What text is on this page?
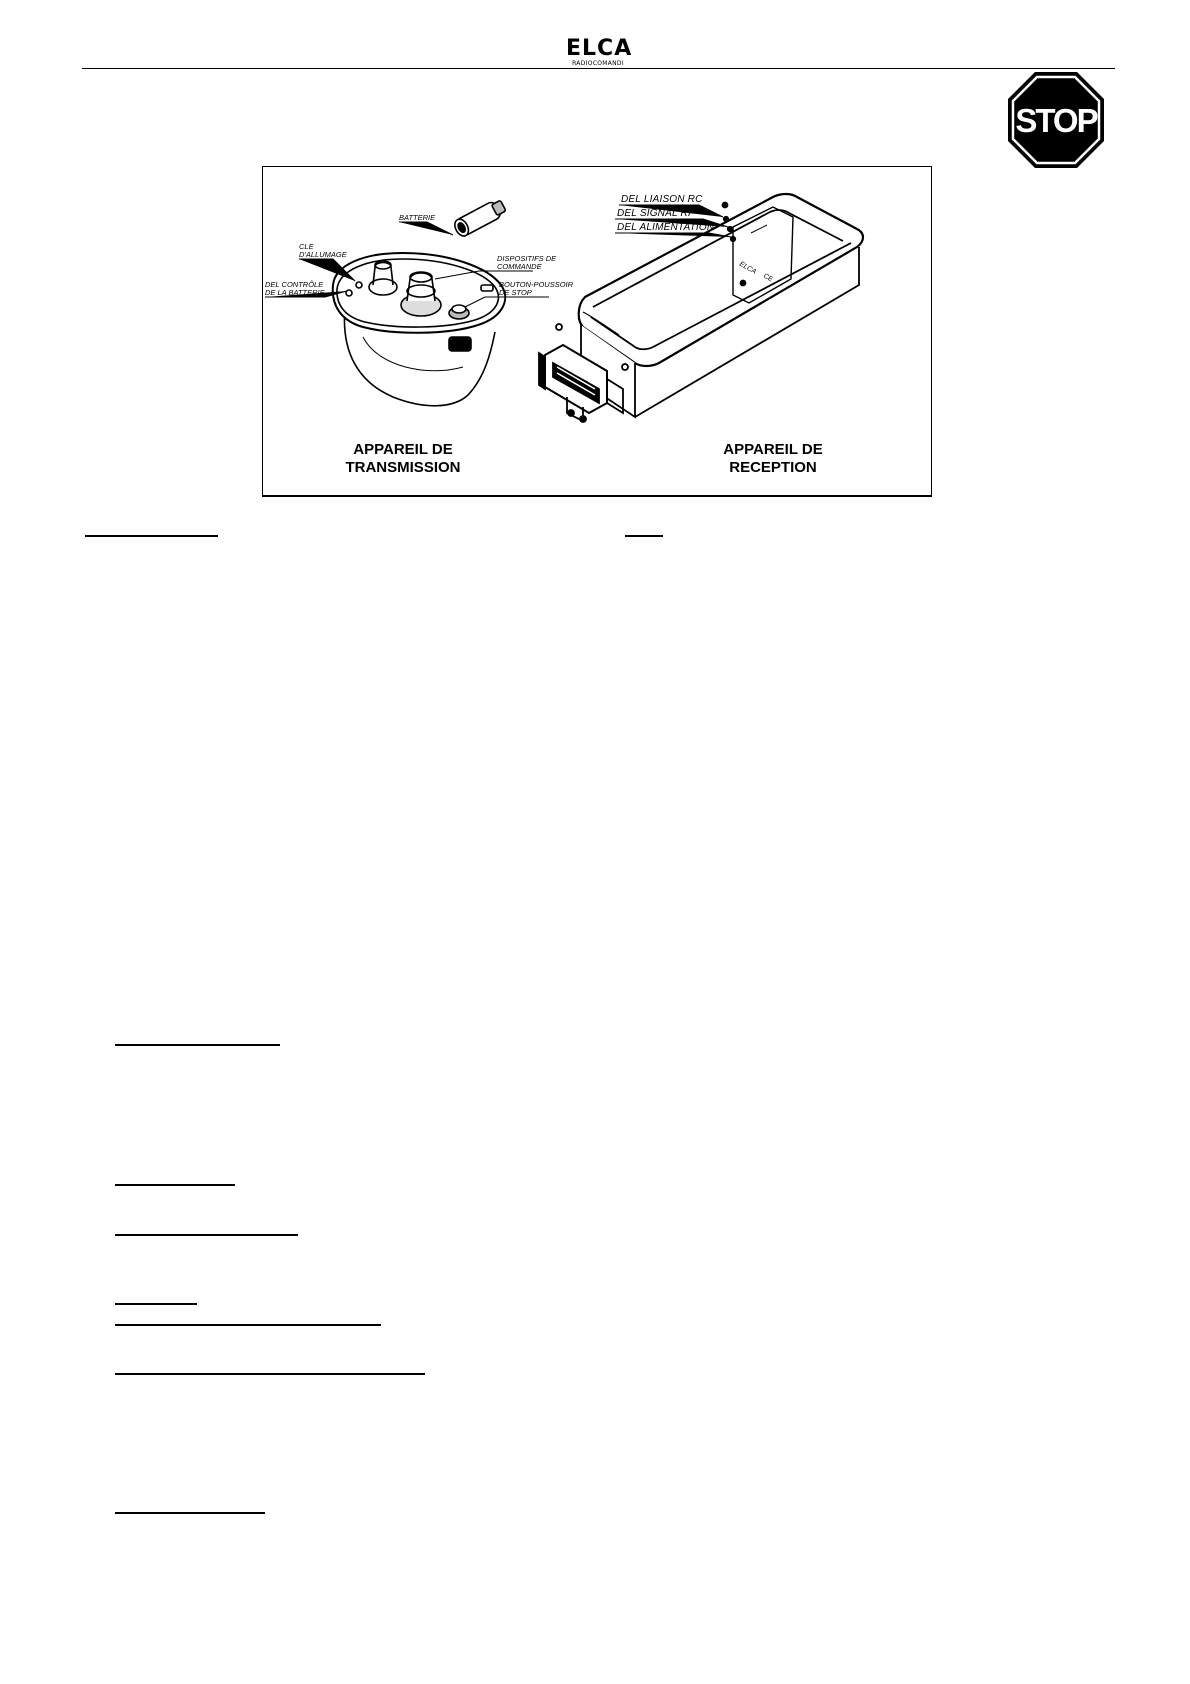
ELCA
RADIOCOMANDI
STOP
ELCA
CE
BATTERIE
CLE
D'ALLUMAGE
DEL CONTRÔLE
DE LA BATTERIE
DISPOSITIFS DE
COMMANDE
BOUTON-POUSSOIR
DE STOP
DEL LIAISON RC
DEL SIGNAL RF
DEL ALIMENTATION
APPAREIL DE
TRANSMISSION
APPAREIL DE
RECEPTION
